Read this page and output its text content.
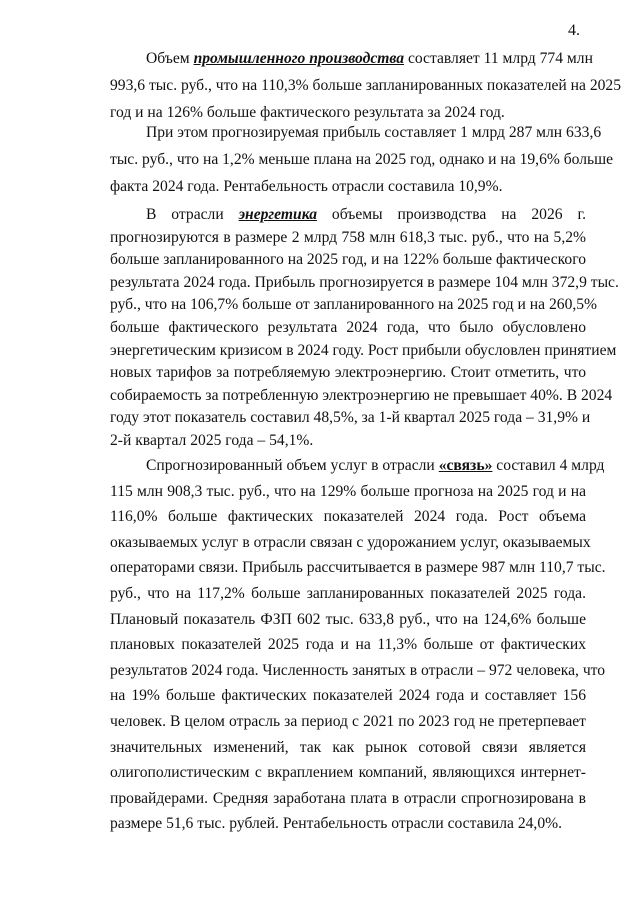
4.
Объем промышленного производства составляет 11 млрд 774 млн
993,6 тыс. руб., что на 110,3% больше запланированных показателей на 2025
год и на 126% больше фактического результата за 2024 год.
При этом прогнозируемая прибыль составляет 1 млрд 287 млн 633,6
тыс. руб., что на 1,2% меньше плана на 2025 год, однако и на 19,6% больше
факта 2024 года. Рентабельность отрасли составила 10,9%.
В отрасли энергетика объемы производства на 2026 г.
прогнозируются в размере 2 млрд 758 млн 618,3 тыс. руб., что на 5,2%
больше запланированного на 2025 год, и на 122% больше фактического
результата 2024 года. Прибыль прогнозируется в размере 104 млн 372,9 тыс.
руб., что на 106,7% больше от запланированного на 2025 год и на 260,5%
больше фактического результата 2024 года, что было обусловлено
энергетическим кризисом в 2024 году. Рост прибыли обусловлен принятием
новых тарифов за потребляемую электроэнергию. Стоит отметить, что
собираемость за потребленную электроэнергию не превышает 40%. В 2024
году этот показатель составил 48,5%, за 1-й квартал 2025 года – 31,9% и
2-й квартал 2025 года – 54,1%.
Спрогнозированный объем услуг в отрасли «связь» составил 4 млрд
115 млн 908,3 тыс. руб., что на 129% больше прогноза на 2025 год и на
116,0% больше фактических показателей 2024 года. Рост объема
оказываемых услуг в отрасли связан с удорожанием услуг, оказываемых
операторами связи. Прибыль рассчитывается в размере 987 млн 110,7 тыс.
руб., что на 117,2% больше запланированных показателей 2025 года.
Плановый показатель ФЗП 602 тыс. 633,8 руб., что на 124,6% больше
плановых показателей 2025 года и на 11,3% больше от фактических
результатов 2024 года. Численность занятых в отрасли – 972 человека, что
на 19% больше фактических показателей 2024 года и составляет 156
человек. В целом отрасль за период с 2021 по 2023 год не претерпевает
значительных изменений, так как рынок сотовой связи является
олигополистическим с вкраплением компаний, являющихся интернет-
провайдерами. Средняя заработана плата в отрасли спрогнозирована в
размере 51,6 тыс. рублей. Рентабельность отрасли составила 24,0%.
